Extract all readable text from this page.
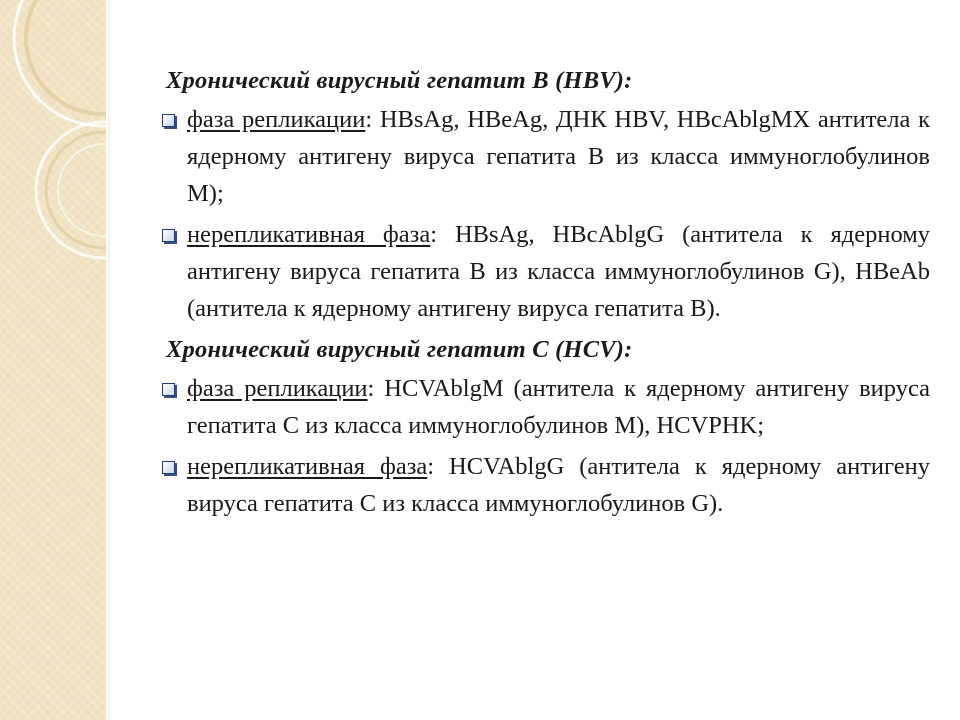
Хронический вирусный гепатит В (HBV):
фаза репликации: HBsAg, HBeAg, ДНК HBV, HBcAblgMX антитела к ядерному антигену вируса гепатита В из класса иммуноглобулинов М);
нерепликативная фаза: HBsAg, HBcAblgG (антитела к ядерному антигену вируса гепатита В из класса иммуноглобулинов G), HBeAb (антитела к ядерному антигену вируса гепатита В).
Хронический вирусный гепатит С (HCV):
фаза репликации: HCVAblgM (антитела к ядерному антигену вируса гепатита С из класса иммуноглобулинов М), HCVPHK;
нерепликативная фаза: HCVAblgG (антитела к ядерному антигену вируса гепатита С из класса иммуноглобулинов G).
